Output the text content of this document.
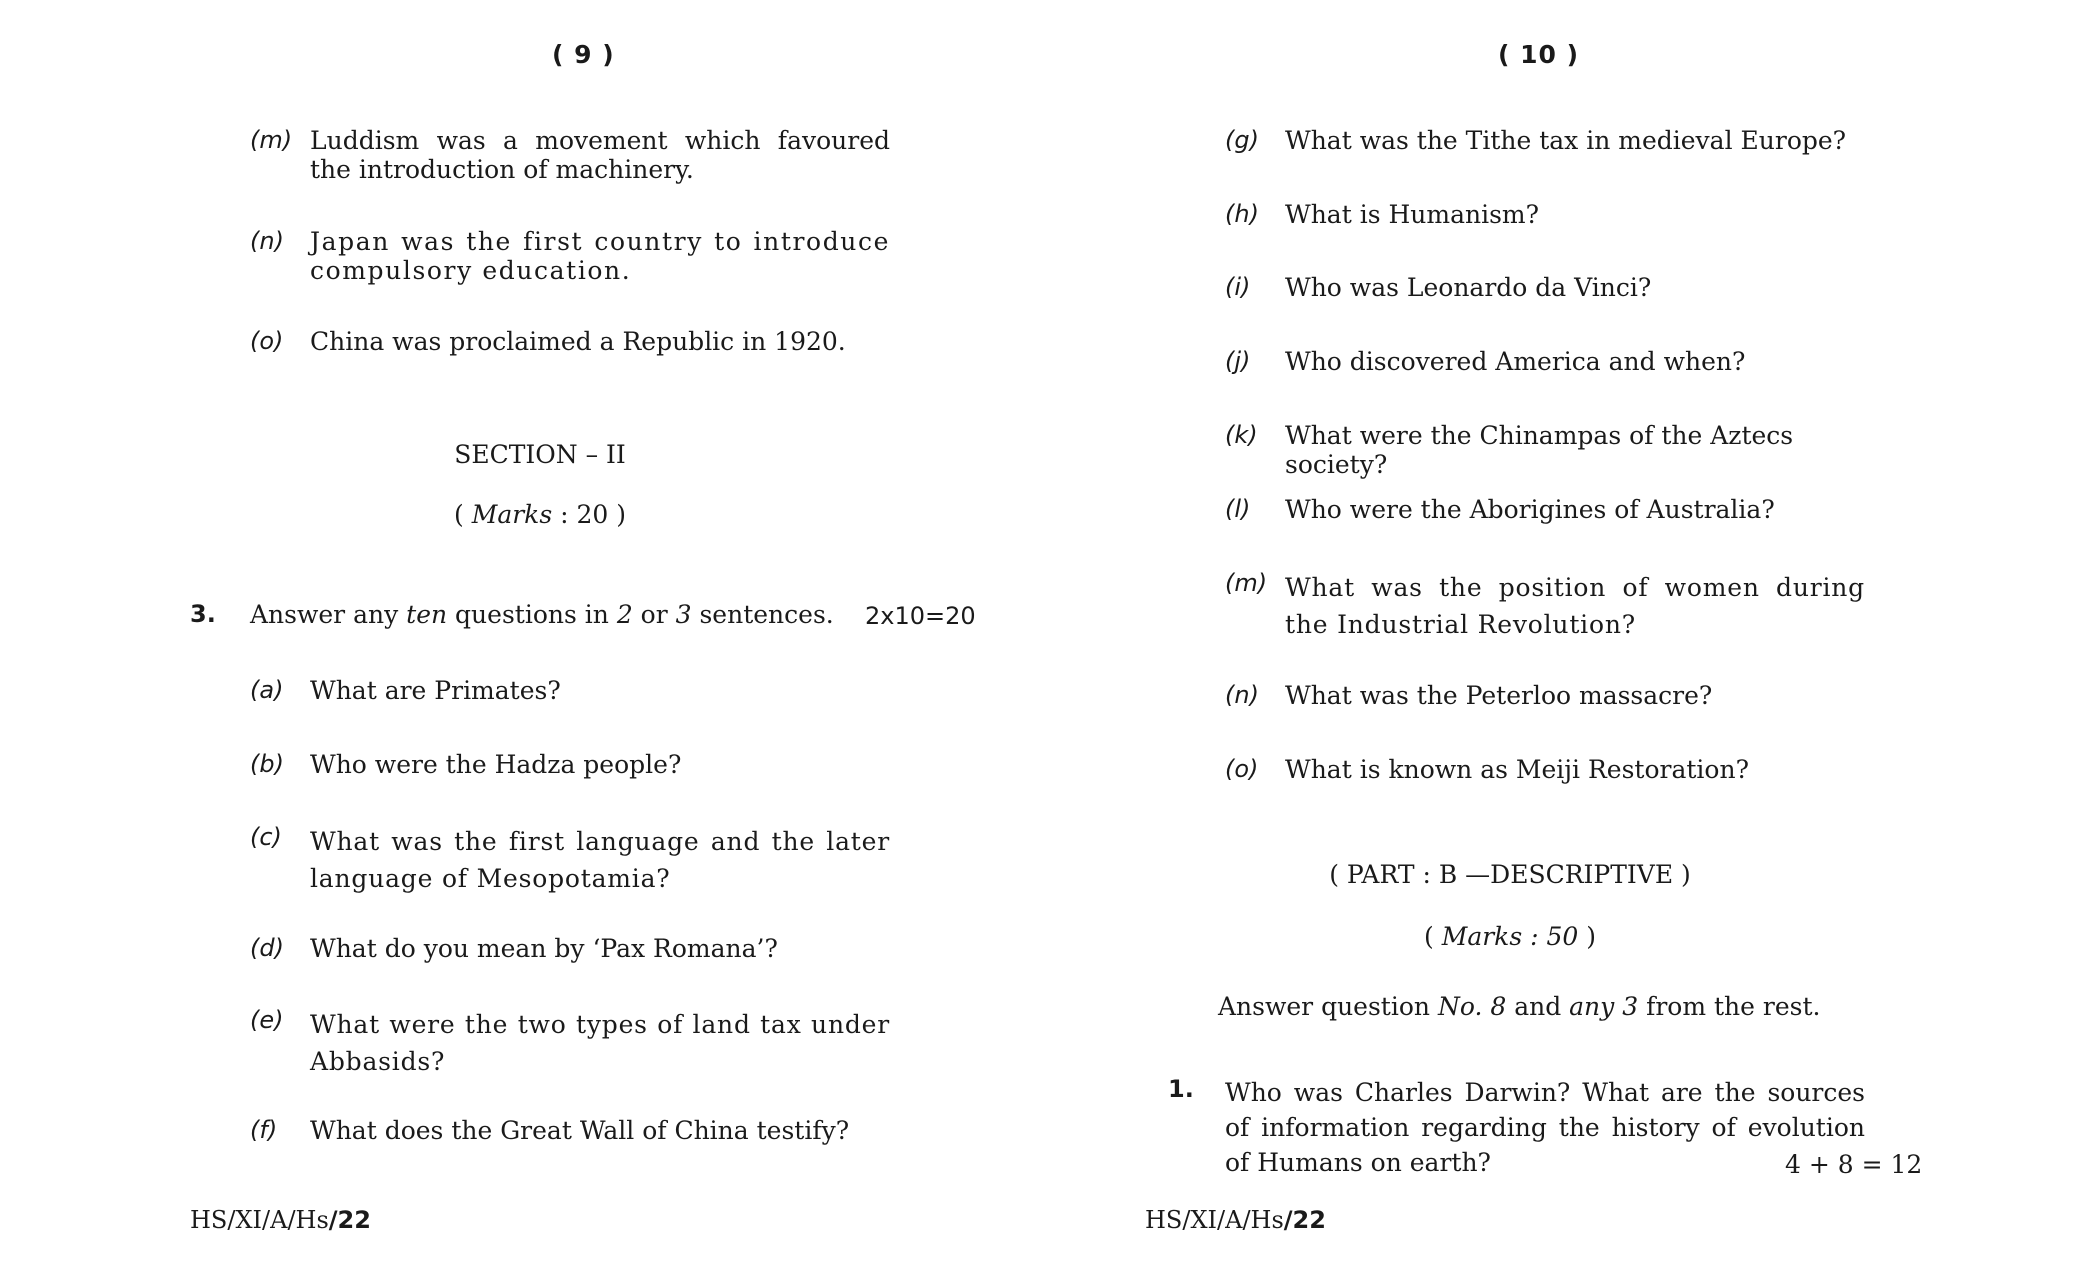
( 9 )
(m) Luddism was a movement which favoured the introduction of machinery.
(n) Japan was the first country to introduce compulsory education.
(o) China was proclaimed a Republic in 1920.
SECTION – II
( Marks : 20 )
3. Answer any ten questions in 2 or 3 sentences.	2x10=20
(a) What are Primates?
(b) Who were the Hadza people?
(c) What was the first language and the later language of Mesopotamia?
(d) What do you mean by ‘Pax Romana’?
(e) What were the two types of land tax under Abbasids?
(f) What does the Great Wall of China testify?
HS/XI/A/Hs/22
( 10 )
(g) What was the Tithe tax in medieval Europe?
(h) What is Humanism?
(i) Who was Leonardo da Vinci?
(j) Who discovered America and when?
(k) What were the Chinampas of the Aztecs society?
(l) Who were the Aborigines of Australia?
(m) What was the position of women during the Industrial Revolution?
(n) What was the Peterloo massacre?
(o) What is known as Meiji Restoration?
( PART : B —DESCRIPTIVE )
( Marks : 50 )
Answer question No. 8 and any 3 from the rest.
1. Who was Charles Darwin? What are the sources of information regarding the history of evolution of Humans on earth?	4 + 8 = 12
HS/XI/A/Hs/22
